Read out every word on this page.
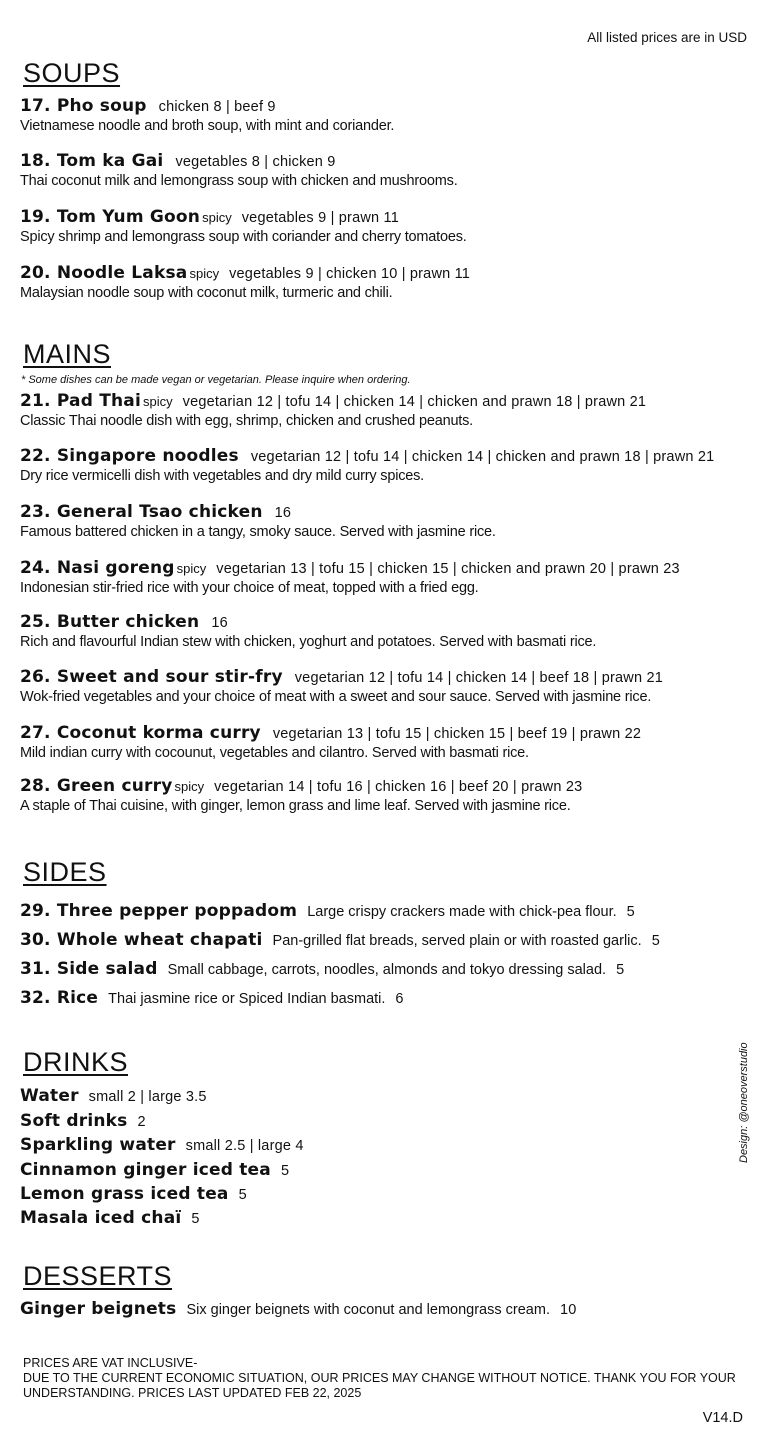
All listed prices are in USD
SOUPS
17. Pho soup chicken 8 | beef 9
Vietnamese noodle and broth soup, with mint and coriander.
18. Tom ka Gai vegetables 8 | chicken 9
Thai coconut milk and lemongrass soup with chicken and mushrooms.
19. Tom Yum Goon spicy vegetables 9 | prawn 11
Spicy shrimp and lemongrass soup with coriander and cherry tomatoes.
20. Noodle Laksa spicy vegetables 9 | chicken 10 | prawn 11
Malaysian noodle soup with coconut milk, turmeric and chili.
MAINS
* Some dishes can be made vegan or vegetarian. Please inquire when ordering.
21. Pad Thai spicy vegetarian 12 | tofu 14 | chicken 14 | chicken and prawn 18 | prawn 21
Classic Thai noodle dish with egg, shrimp, chicken and crushed peanuts.
22. Singapore noodles vegetarian 12 | tofu 14 | chicken 14 | chicken and prawn 18 | prawn 21
Dry rice vermicelli dish with vegetables and dry mild curry spices.
23. General Tsao chicken 16
Famous battered chicken in a tangy, smoky sauce. Served with jasmine rice.
24. Nasi goreng spicy vegetarian 13 | tofu 15 | chicken 15 | chicken and prawn 20 | prawn 23
Indonesian stir-fried rice with your choice of meat, topped with a fried egg.
25. Butter chicken 16
Rich and flavourful Indian stew with chicken, yoghurt and potatoes. Served with basmati rice.
26. Sweet and sour stir-fry vegetarian 12 | tofu 14 | chicken 14 | beef 18 | prawn 21
Wok-fried vegetables and your choice of meat with a sweet and sour sauce. Served with jasmine rice.
27. Coconut korma curry vegetarian 13 | tofu 15 | chicken 15 | beef 19 | prawn 22
Mild indian curry with cocounut, vegetables and cilantro. Served with basmati rice.
28. Green curry spicy vegetarian 14 | tofu 16 | chicken 16 | beef 20 | prawn 23
A staple of Thai cuisine, with ginger, lemon grass and lime leaf. Served with jasmine rice.
SIDES
29. Three pepper poppadom Large crispy crackers made with chick-pea flour. 5
30. Whole wheat chapati Pan-grilled flat breads, served plain or with roasted garlic. 5
31. Side salad Small cabbage, carrots, noodles, almonds and tokyo dressing salad. 5
32. Rice Thai jasmine rice or Spiced Indian basmati. 6
DRINKS
Water small 2 | large 3.5
Soft drinks 2
Sparkling water small 2.5 | large 4
Cinnamon ginger iced tea 5
Lemon grass iced tea 5
Masala iced chaï 5
DESSERTS
Ginger beignets Six ginger beignets with coconut and lemongrass cream. 10
PRICES ARE VAT INCLUSIVE-
DUE TO THE CURRENT ECONOMIC SITUATION, OUR PRICES MAY CHANGE WITHOUT NOTICE. THANK YOU FOR YOUR UNDERSTANDING. PRICES LAST UPDATED FEB 22, 2025
Design: @oneoverstudio
V14.D
